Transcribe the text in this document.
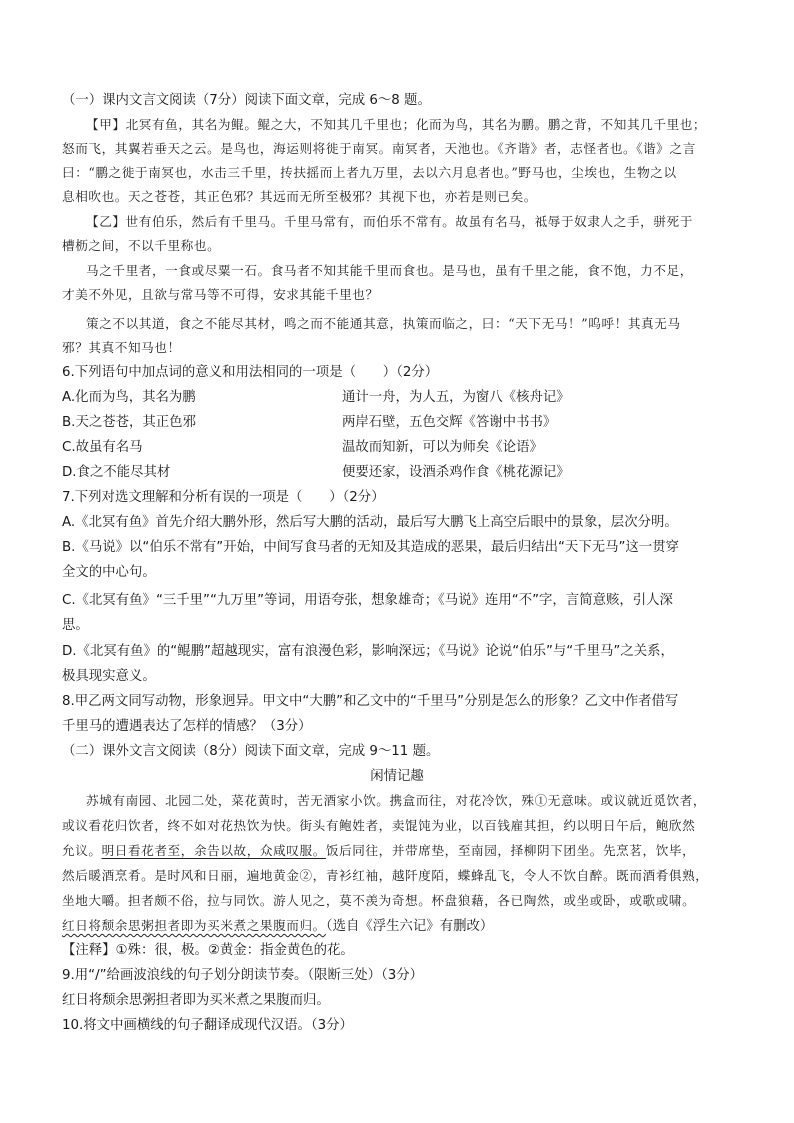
（一）课内文言文阅读（7分）阅读下面文章，完成 6～8 题。
【甲】北冥有鱼，其名为鲲。鲲之大，不知其几千里也；化而为鸟，其名为鹏。鹏之背，不知其几千里也；
怒而飞，其翼若垂天之云。是鸟也，海运则将徙于南冥。南冥者，天池也。《齐谐》者，志怪者也。《谐》之言
曰：“鹏之徙于南冥也，水击三千里，抟扶摇而上者九万里，去以六月息者也。”野马也，尘埃也，生物之以
息相吹也。天之苍苍，其正色邪？其远而无所至极邪？其视下也，亦若是则已矣。
【乙】世有伯乐，然后有千里马。千里马常有，而伯乐不常有。故虽有名马，祗辱于奴隶人之手，骈死于
槽枥之间，不以千里称也。
马之千里者，一食或尽粟一石。食马者不知其能千里而食也。是马也，虽有千里之能，食不饱，力不足，
才美不外见，且欲与常马等不可得，安求其能千里也？
策之不以其道，食之不能尽其材，鸣之而不能通其意，执策而临之，曰：“天下无马！”呜呼！其真无马
邪？其真不知马也！
6.下列语句中加点词的意义和用法相同的一项是（　　）（2分）
A.化而为鸟，其名为鹏	通计一舟，为人五，为窗八《核舟记》
B.天之苍苍，其正色邪	两岸石壁，五色交辉《答谢中书书》
C.故虽有名马	温故而知新，可以为师矣《论语》
D.食之不能尽其材	便要还家，设酒杀鸡作食《桃花源记》
7.下列对选文理解和分析有误的一项是（　　）（2分）
A.《北冥有鱼》首先介绍大鹏外形，然后写大鹏的活动，最后写大鹏飞上高空后眼中的景象，层次分明。
B.《马说》以“伯乐不常有”开始，中间写食马者的无知及其造成的恶果，最后归结出“天下无马”这一贯穿
全文的中心句。
C.《北冥有鱼》“三千里”“九万里”等词，用语夸张，想象雄奇；《马说》连用“不”字，言简意赅，引人深
思。
D.《北冥有鱼》的“鲲鹏”超越现实，富有浪漫色彩，影响深远；《马说》论说“伯乐”与“千里马”之关系，
极具现实意义。
8.甲乙两文同写动物，形象迥异。甲文中“大鹏”和乙文中的“千里马”分别是怎么的形象？乙文中作者借写
千里马的遭遇表达了怎样的情感？（3分）
（二）课外文言文阅读（8分）阅读下面文章，完成 9～11 题。
闲情记趣
苏城有南园、北园二处，菜花黄时，苦无酒家小饮。携盒而往，对花冷饮，殊①无意味。或议就近觅饮者，
或议看花归饮者，终不如对花热饮为快。街头有鲍姓者，卖馄饨为业，以百钱雇其担，约以明日午后，鲍欣然
允议。明日看花者至，余告以故，众咸叹服。饭后同往，并带席垫，至南园，择柳阴下团坐。先烹茗，饮毕，
然后暖酒烹肴。是时风和日丽，遍地黄金②，青衫红袖，越阡度陌，蝶蜂乱飞，令人不饮自醉。既而酒肴俱熟，
坐地大嚼。担者颇不俗，拉与同饮。游人见之，莫不羡为奇想。杯盘狼藉，各已陶然，或坐或卧，或歌或啸。
红日将颓余思粥担者即为买米煮之果腹而归。（选自《浮生六记》有删改）
【注释】①殊：很，极。②黄金：指金黄色的花。
9.用“/”给画波浪线的句子划分朗读节奏。（限断三处）（3分）
红日将颓余思粥担者即为买米煮之果腹而归。
10.将文中画横线的句子翻译成现代汉语。（3分）
